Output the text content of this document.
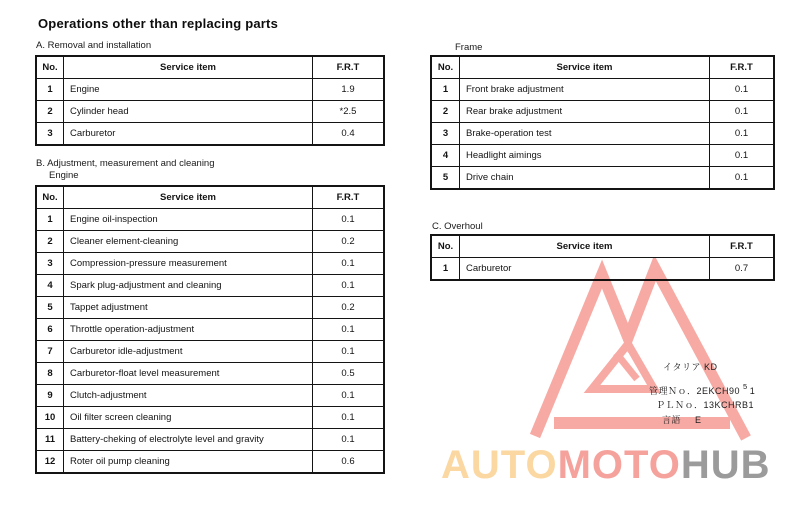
Operations other than replacing parts
A. Removal and installation
No.	Service item	F.R.T
1	Engine	1.9
2	Cylinder head	*2.5
3	Carburetor	0.4
B. Adjustment, measurement and cleaning
Engine
No.	Service item	F.R.T
1	Engine oil-inspection	0.1
2	Cleaner element-cleaning	0.2
3	Compression-pressure measurement	0.1
4	Spark plug-adjustment and cleaning	0.1
5	Tappet adjustment	0.2
6	Throttle operation-adjustment	0.1
7	Carburetor idle-adjustment	0.1
8	Carburetor-float level measurement	0.5
9	Clutch-adjustment	0.1
10	Oil filter screen cleaning	0.1
11	Battery-cheking of electrolyte level and gravity	0.1
12	Roter oil pump cleaning	0.6
Frame
No.	Service item	F.R.T
1	Front brake adjustment	0.1
2	Rear brake adjustment	0.1
3	Brake-operation test	0.1
4	Headlight aimings	0.1
5	Drive chain	0.1
C. Overhoul
No.	Service item	F.R.T
1	Carburetor	0.7
イタリア KD
管理Ｎｏ．2EKCH90 $^5$ 1
ＰＬＮｏ．13KCHRB1
言語 E
AUTOMOTOHUB
